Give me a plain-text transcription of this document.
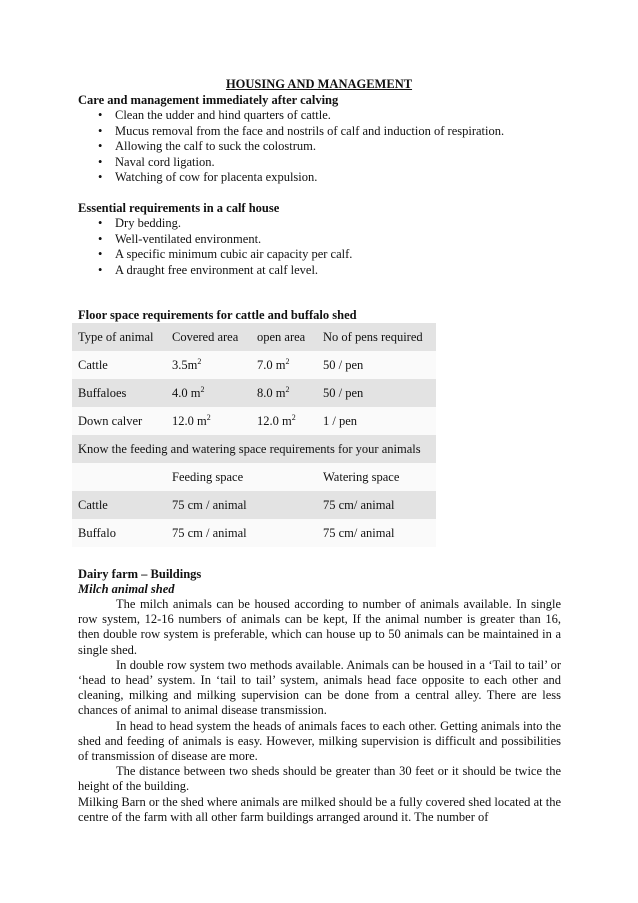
HOUSING AND MANAGEMENT
Care and management immediately after calving
• Clean the udder and hind quarters of cattle.
• Mucus removal from the face and nostrils of calf and induction of respiration.
• Allowing the calf to suck the colostrum.
• Naval cord ligation.
• Watching of cow for placenta expulsion.
Essential requirements in a calf house
• Dry bedding.
• Well-ventilated environment.
• A specific minimum cubic air capacity per calf.
• A draught free environment at calf level.
Floor space requirements for cattle and buffalo shed
Type of animal	Covered area	open area	No of pens required
Cattle	$3.5m^2$	7.0 $m^2$	50 / pen
Buffaloes	4.0 $m^2$	8.0 $m^2$	50 / pen
Down calver	12.0 $m^2$	12.0 $m^2$	1 / pen
Know the feeding and watering space requirements for your animals			
	Feeding space		Watering space
Cattle	75 cm / animal		75 cm/ animal
Buffalo	75 cm / animal		75 cm/ animal
Dairy farm – Buildings
Milch animal shed

The milch animals can be housed according to number of animals available. In single row system, 12-16 numbers of animals can be kept, If the animal number is greater than 16, then double row system is preferable, which can house up to 50 animals can be maintained in a single shed.

In double row system two methods available. Animals can be housed in a ‘Tail to tail’ or ‘head to head’ system. In ‘tail to tail’ system, animals head face opposite to each other and cleaning, milking and milking supervision can be done from a central alley. There are less chances of animal to animal disease transmission.

In head to head system the heads of animals faces to each other. Getting animals into the shed and feeding of animals is easy. However, milking supervision is difficult and possibilities of transmission of disease are more.

The distance between two sheds should be greater than 30 feet or it should be twice the height of the building.

Milking Barn or the shed where animals are milked should be a fully covered shed located at the centre of the farm with all other farm buildings arranged around it. The number of
